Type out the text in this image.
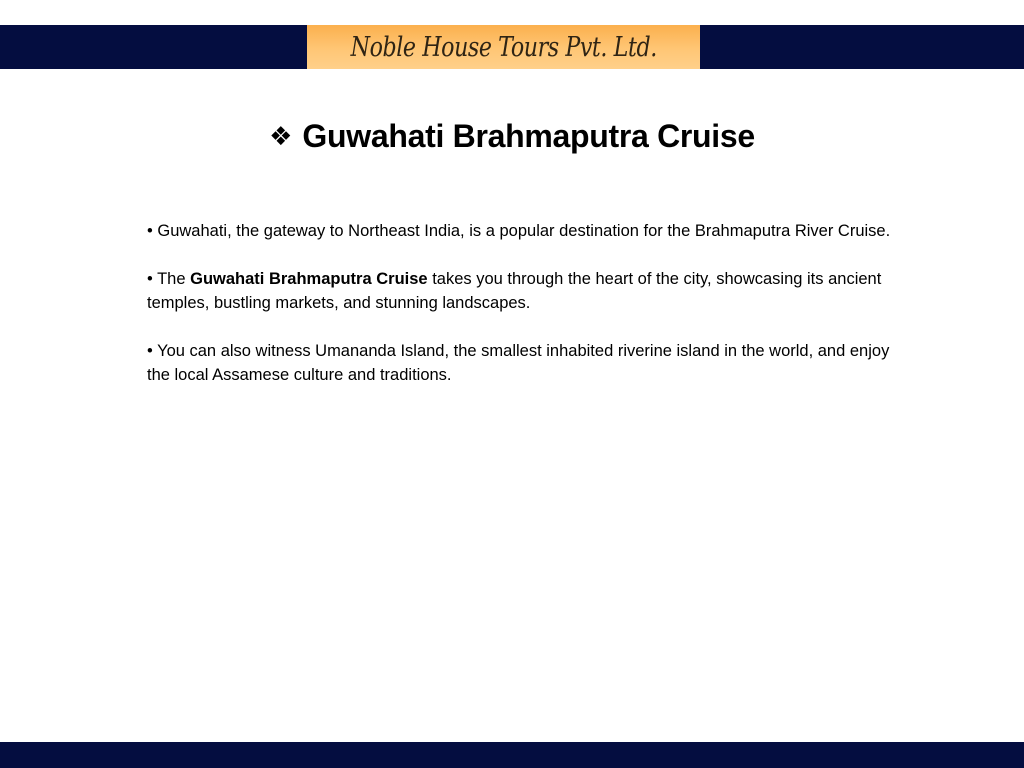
Noble House Tours Pvt. Ltd.
❖ Guwahati Brahmaputra Cruise

• Guwahati, the gateway to Northeast India, is a popular destination for the Brahmaputra River Cruise.

• The Guwahati Brahmaputra Cruise takes you through the heart of the city, showcasing its ancient temples, bustling markets, and stunning landscapes.

• You can also witness Umananda Island, the smallest inhabited riverine island in the world, and enjoy the local Assamese culture and traditions.
